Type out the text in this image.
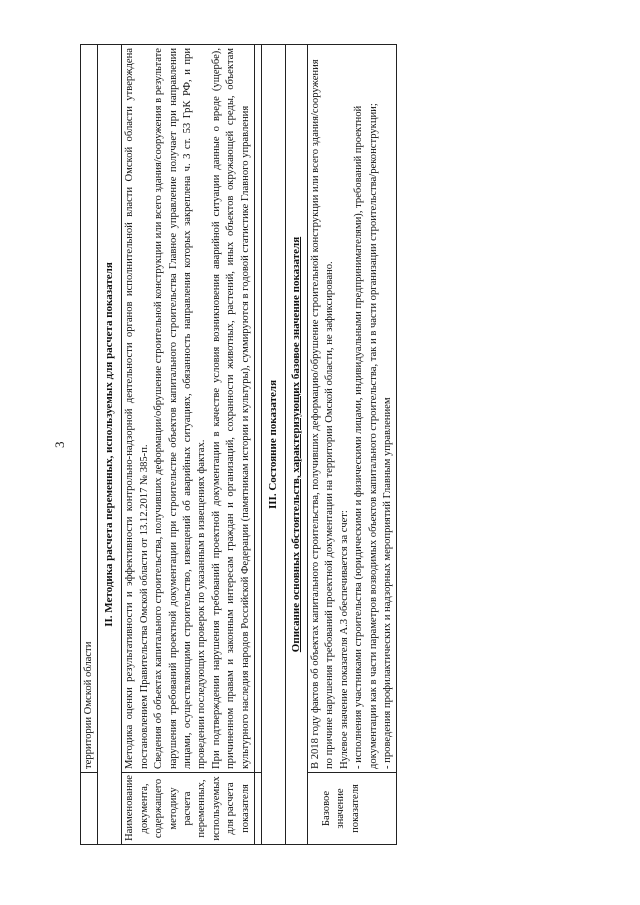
3
	территории Омской области
II. Методика расчета переменных, используемых для расчета показателя	
Наименование документа, содержащего методику расчета переменных, используемых для расчета показателя	Методика оценки результативности и эффективности контрольно-надзорной деятельности органов исполнительной власти Омской области утверждена постановлением Правительства Омской области от 13.12.2017 № 385-п. Сведения об объектах капитального строительства, получивших деформации/обрушение строительной конструкции или всего здания/сооружения в результате нарушения требований проектной документации при строительстве объектов капитального строительства Главное управление получает при направлении лицами, осуществляющими строительство, извещений об аварийных ситуациях, обязанность направления которых закреплена ч. 3 ст. 53 ГрК РФ, и при проведении последующих проверок по указанным в извещениях фактах. При подтверждении нарушения требований проектной документации в качестве условия возникновения аварийной ситуации данные о вреде (ущербе), причиненном правам и законным интересам граждан и организаций, сохранности животных, растений, иных объектов окружающей среды, объектам культурного наследия народов Российской Федерации (памятникам истории и культуры), суммируются в годовой статистике Главного управления

III. Состояние показателя	
Описание основных обстоятельств, характеризующих базовое значение показателя	
Базовое значение показателя	В 2018 году фактов об объектах капитального строительства, получивших деформацию/обрушение строительной конструкции или всего здания/сооружения по причине нарушения требований проектной документации на территории Омской области, не зафиксировано. Нулевое значение показателя А.3 обеспечивается за счет: - исполнения участниками строительства (юридическими и физическими лицами, индивидуальными предпринимателями), требований проектной документации как в части параметров возводимых объектов капитального строительства, так и в части организации строительства/реконструкции; - проведения профилактических и надзорных мероприятий Главным управлением
